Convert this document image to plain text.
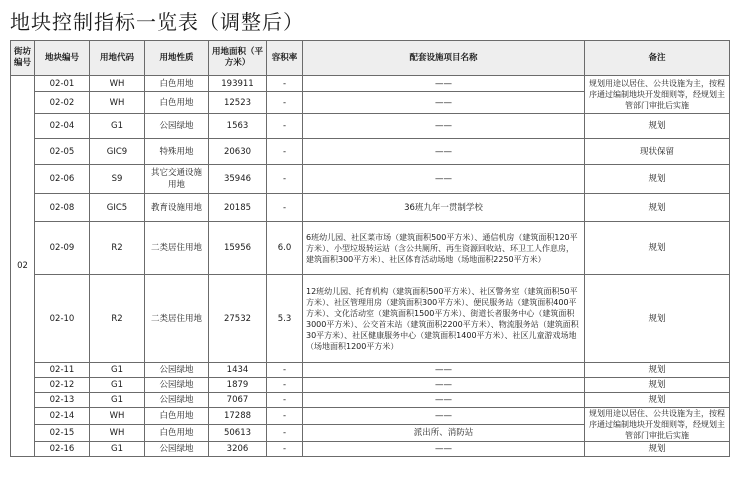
地块控制指标一览表（调整后）
街坊编号	地块编号	用地代码	用地性质	用地面积（平方米）	容积率	配套设施项目名称	备注
02	02-01	WH	白色用地	193911	-	——	规划用途以居住、公共设施为主，按程序通过编制地块开发细则等，经规划主管部门审批后实施
	02-02	WH	白色用地	12523	-	——	
	02-04	G1	公园绿地	1563	-	——	规划
	02-05	GIC9	特殊用地	20630	-	——	现状保留
	02-06	S9	其它交通设施用地	35946	-	——	规划
	02-08	GIC5	教育设施用地	20185	-	36班九年一贯制学校	规划
	02-09	R2	二类居住用地	15956	6.0	6班幼儿园、社区菜市场（建筑面积500平方米）、通信机房（建筑面积120平方米）、小型垃圾转运站（含公共厕所、再生资源回收站、环卫工人作息房，建筑面积300平方米）、社区体育活动场地（场地面积2250平方米）	规划
	02-10	R2	二类居住用地	27532	5.3	12班幼儿园、托育机构（建筑面积500平方米）、社区警务室（建筑面积50平方米）、社区管理用房（建筑面积300平方米）、便民服务站（建筑面积400平方米）、文化活动室（建筑面积1500平方米）、街道长者服务中心（建筑面积3000平方米）、公交首末站（建筑面积2200平方米）、物流服务站（建筑面积30平方米）、社区健康服务中心（建筑面积1400平方米）、社区儿童游戏场地（场地面积1200平方米）	规划
	02-11	G1	公园绿地	1434	-	——	规划
	02-12	G1	公园绿地	1879	-	——	规划
	02-13	G1	公园绿地	7067	-	——	规划
	02-14	WH	白色用地	17288	-	——	规划用途以居住、公共设施为主，按程序通过编制地块开发细则等，经规划主管部门审批后实施
	02-15	WH	白色用地	50613	-	派出所、消防站	
	02-16	G1	公园绿地	3206	-	——	规划
